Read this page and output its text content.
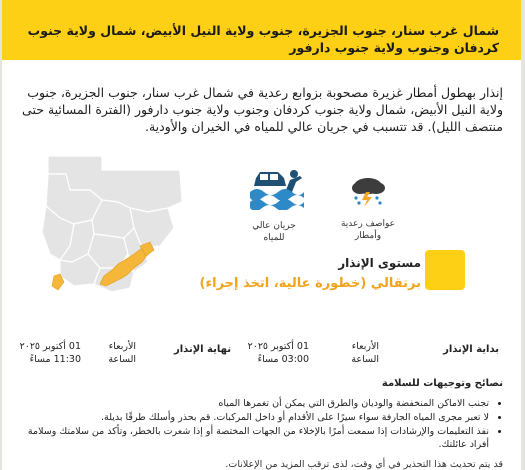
شمال غرب سنار، جنوب الجزيرة، جنوب ولاية النيل الأبيض، شمال ولاية جنوب كردفان وجنوب ولاية جنوب دارفور

إنذار بهطول أمطار غزيرة مصحوبة بزوابع رعدية في شمال غرب سنار، جنوب الجزيرة، جنوب ولاية النيل الأبيض، شمال ولاية جنوب كردفان وجنوب ولاية جنوب دارفور (الفترة المسائية حتى منتصف الليل). قد تتسبب في جريان عالي للمياه في الخيران والأودية.

جريان عالي للمياه
عواصف رعدية وأمطار
مستوى الإنذار
برتقالي (خطورة عالية، اتخذ إجراء)
بداية الإنذار
الأربعاء
الساعة
01 أكتوبر ٢٠٢٥
03:00 مساءً
نهاية الإنذار
الأربعاء
الساعة
01 أكتوبر ٢٠٢٥
11:30 مساءً
نصائح وتوجيهات للسلامة
• تجنب الاماكن المنخفضة والوديان والطرق التي يمكن أن تغمرها المياه
• لا تعبر مجرى المياه الجارفة سواء سيرًا على الأقدام أو داخل المركبات. قم بحذر وأسلك طرقًا بديلة.
• نفذ التعليمات والإرشادات إذا سمعت أمرًا بالإخلاء من الجهات المختصة أو إذا شعرت بالخطر، وتأكد من سلامتك وسلامة أفراد عائلتك.
قد يتم تحديث هذا التحذير في أي وقت، لذى ترقب المزيد من الإعلانات.
